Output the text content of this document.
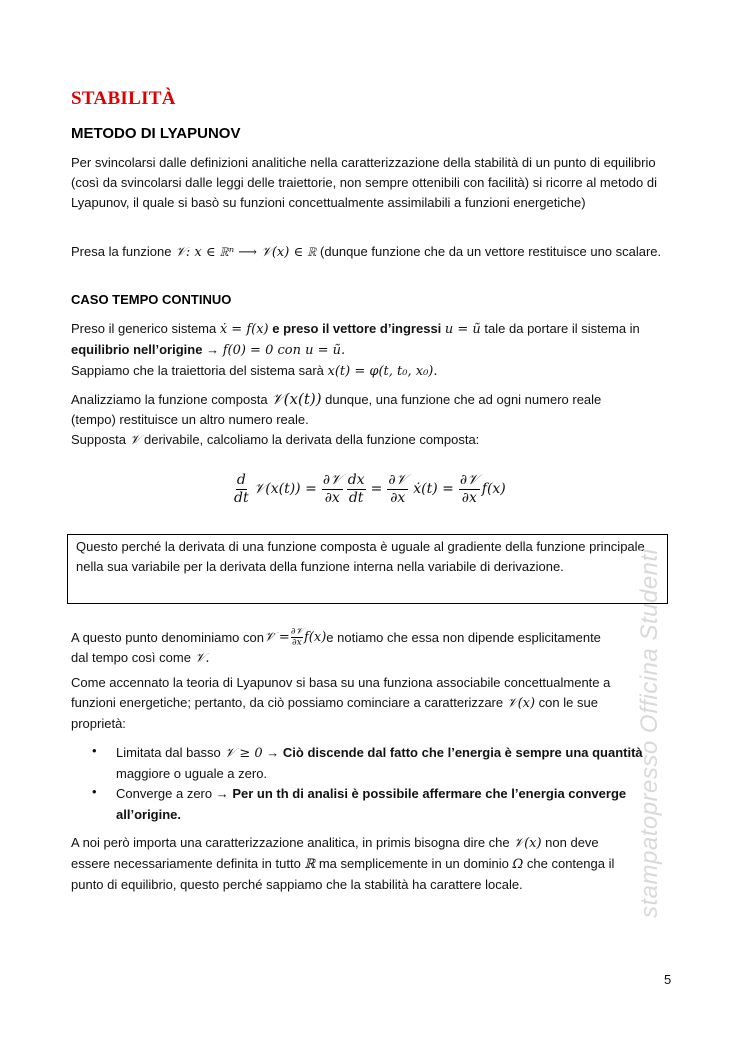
STABILITÀ
METODO DI LYAPUNOV
Per svincolarsi dalle definizioni analitiche nella caratterizzazione della stabilità di un punto di equilibrio (così da svincolarsi dalle leggi delle traiettorie, non sempre ottenibili con facilità) si ricorre al metodo di Lyapunov, il quale si basò su funzioni concettualmente assimilabili a funzioni energetiche)
Presa la funzione 𝒱: x ∈ ℝⁿ ⟶ 𝒱(x) ∈ ℝ (dunque funzione che da un vettore restituisce uno scalare.
CASO TEMPO CONTINUO
Preso il generico sistema ẋ = f(x) e preso il vettore d’ingressi u = ũ tale da portare il sistema in
equilibrio nell’origine → f(0) = 0 con u = ũ.
Sappiamo che la traiettoria del sistema sarà x(t) = φ(t, t₀, x₀).
Analizziamo la funzione composta 𝒱(x(t)) dunque, una funzione che ad ogni numero reale
(tempo) restituisce un altro numero reale.
Supposta 𝒱 derivabile, calcoliamo la derivata della funzione composta:
$\frac{d}{dt}$ 𝒱(x(t)) = $\frac{\text{∂𝒱}}{\partial x} \frac{dx}{dt} = \frac{\text{∂𝒱}}{\partial x}$ ẋ(t) = $\frac{\text{∂𝒱}}{\partial x} f(x)$
Questo perché la derivata di una funzione composta è uguale al gradiente della funzione principale nella sua variabile per la derivata della funzione interna nella variabile di derivazione.
A questo punto denominiamo con 𝒱̇ = $\frac{\text{∂𝒱}}{\partial x} f(x)$ e notiamo che essa non dipende esplicitamente
dal tempo così come 𝒱.
Come accennato la teoria di Lyapunov si basa su una funziona associabile concettualmente a
funzioni energetiche; pertanto, da ciò possiamo cominciare a caratterizzare 𝒱(x) con le sue
proprietà:
• Limitata dal basso 𝒱 ≥ 0 → Ciò discende dal fatto che l’energia è sempre una quantità
maggiore o uguale a zero.
• Converge a zero → Per un th di analisi è possibile affermare che l’energia converge
all’origine.
A noi però importa una caratterizzazione analitica, in primis bisogna dire che 𝒱(x) non deve
essere necessariamente definita in tutto ℝ ma semplicemente in un dominio Ω che contenga il
punto di equilibrio, questo perché sappiamo che la stabilità ha carattere locale.	stampatopresso Officina Studenti
5
